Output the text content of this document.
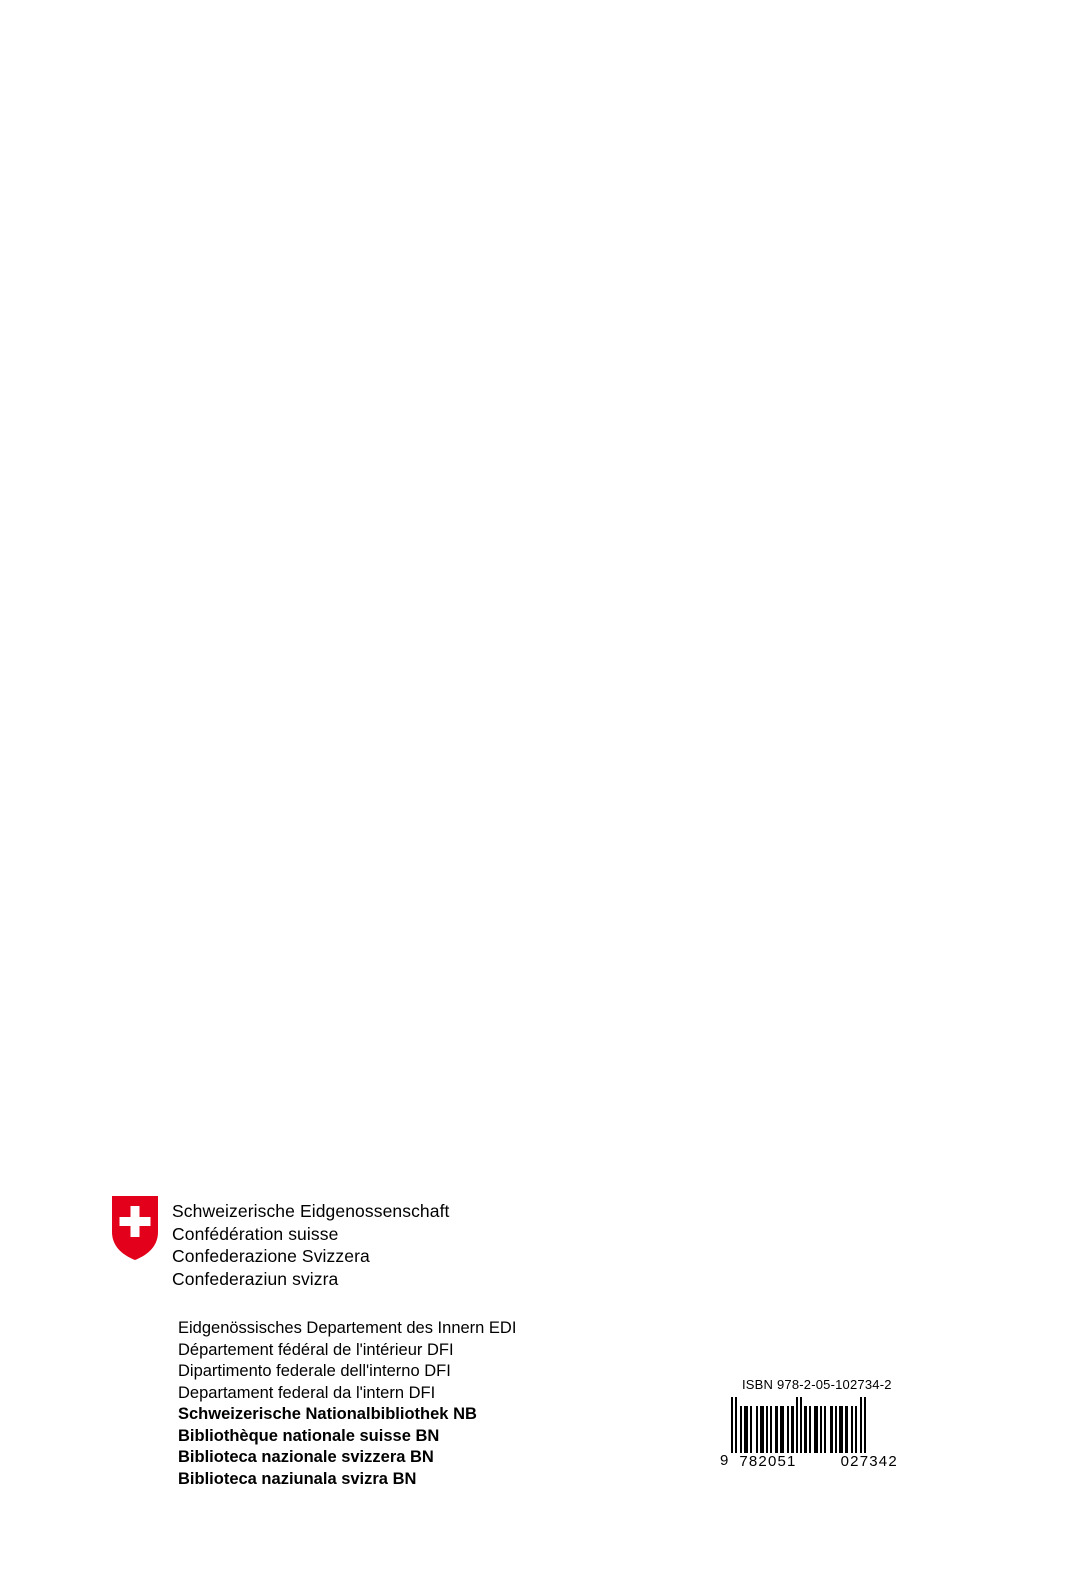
Schweizerische Eidgenossenschaft
Confédération suisse
Confederazione Svizzera
Confederaziun svizra
Eidgenössisches Departement des Innern EDI
Département fédéral de l'intérieur DFI
Dipartimento federale dell'interno DFI
Departament federal da l'intern DFI
Schweizerische Nationalbibliothek NB
Bibliothèque nationale suisse BN
Biblioteca nazionale svizzera BN
Biblioteca naziunala svizra BN
ISBN 978-2-05-102734-2
9 782051	027342
